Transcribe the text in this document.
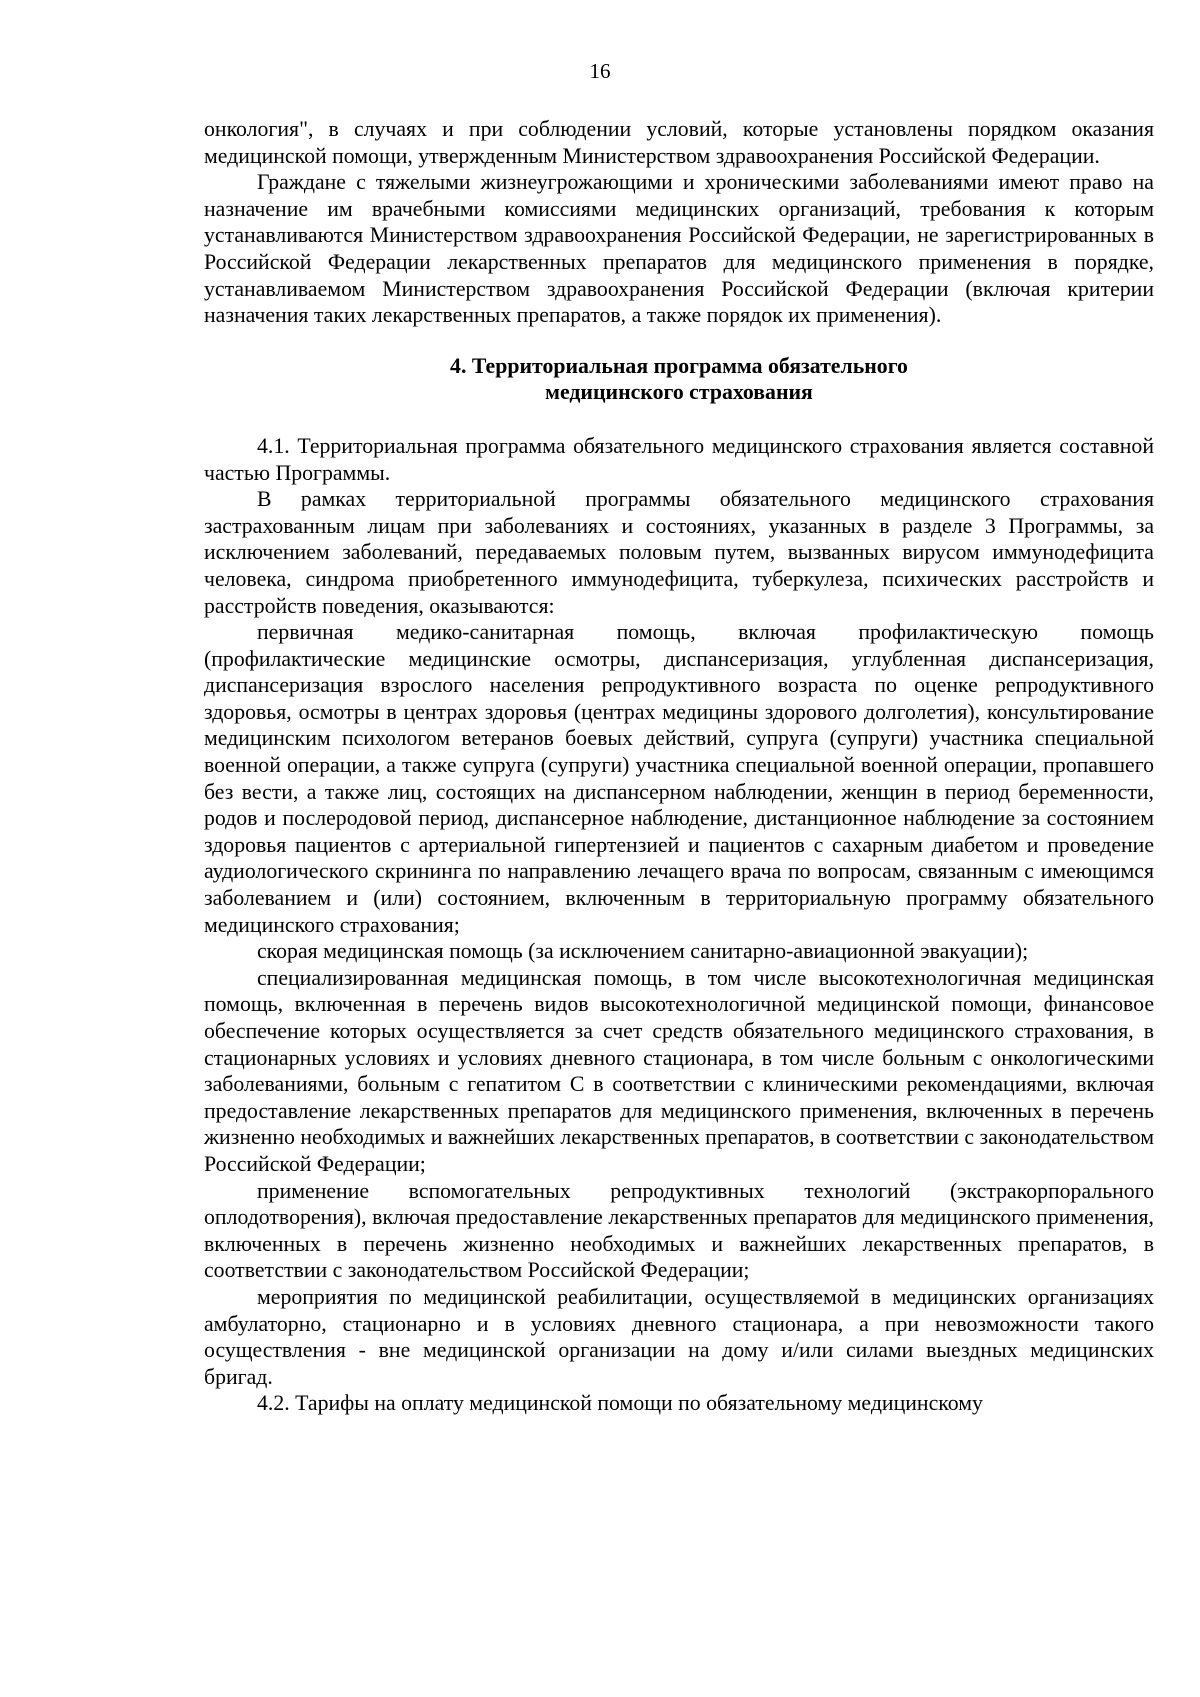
16

онкология", в случаях и при соблюдении условий, которые установлены порядком оказания медицинской помощи, утвержденным Министерством здравоохранения Российской Федерации.

Граждане с тяжелыми жизнеугрожающими и хроническими заболеваниями имеют право на назначение им врачебными комиссиями медицинских организаций, требования к которым устанавливаются Министерством здравоохранения Российской Федерации, не зарегистрированных в Российской Федерации лекарственных препаратов для медицинского применения в порядке, устанавливаемом Министерством здравоохранения Российской Федерации (включая критерии назначения таких лекарственных препаратов, а также порядок их применения).

4. Территориальная программа обязательного
медицинского страхования

4.1. Территориальная программа обязательного медицинского страхования является составной частью Программы.

В рамках территориальной программы обязательного медицинского страхования застрахованным лицам при заболеваниях и состояниях, указанных в разделе 3 Программы, за исключением заболеваний, передаваемых половым путем, вызванных вирусом иммунодефицита человека, синдрома приобретенного иммунодефицита, туберкулеза, психических расстройств и расстройств поведения, оказываются:

первичная медико-санитарная помощь, включая профилактическую помощь (профилактические медицинские осмотры, диспансеризация, углубленная диспансеризация, диспансеризация взрослого населения репродуктивного возраста по оценке репродуктивного здоровья, осмотры в центрах здоровья (центрах медицины здорового долголетия), консультирование медицинским психологом ветеранов боевых действий, супруга (супруги) участника специальной военной операции, а также супруга (супруги) участника специальной военной операции, пропавшего без вести, а также лиц, состоящих на диспансерном наблюдении, женщин в период беременности, родов и послеродовой период, диспансерное наблюдение, дистанционное наблюдение за состоянием здоровья пациентов с артериальной гипертензией и пациентов с сахарным диабетом и проведение аудиологического скрининга по направлению лечащего врача по вопросам, связанным с имеющимся заболеванием и (или) состоянием, включенным в территориальную программу обязательного медицинского страхования;

скорая медицинская помощь (за исключением санитарно-авиационной эвакуации);

специализированная медицинская помощь, в том числе высокотехнологичная медицинская помощь, включенная в перечень видов высокотехнологичной медицинской помощи, финансовое обеспечение которых осуществляется за счет средств обязательного медицинского страхования, в стационарных условиях и условиях дневного стационара, в том числе больным с онкологическими заболеваниями, больным с гепатитом С в соответствии с клиническими рекомендациями, включая предоставление лекарственных препаратов для медицинского применения, включенных в перечень жизненно необходимых и важнейших лекарственных препаратов, в соответствии с законодательством Российской Федерации;

применение вспомогательных репродуктивных технологий (экстракорпорального оплодотворения), включая предоставление лекарственных препаратов для медицинского применения, включенных в перечень жизненно необходимых и важнейших лекарственных препаратов, в соответствии с законодательством Российской Федерации;

мероприятия по медицинской реабилитации, осуществляемой в медицинских организациях амбулаторно, стационарно и в условиях дневного стационара, а при невозможности такого осуществления - вне медицинской организации на дому и/или силами выездных медицинских бригад.

4.2. Тарифы на оплату медицинской помощи по обязательному медицинскому
